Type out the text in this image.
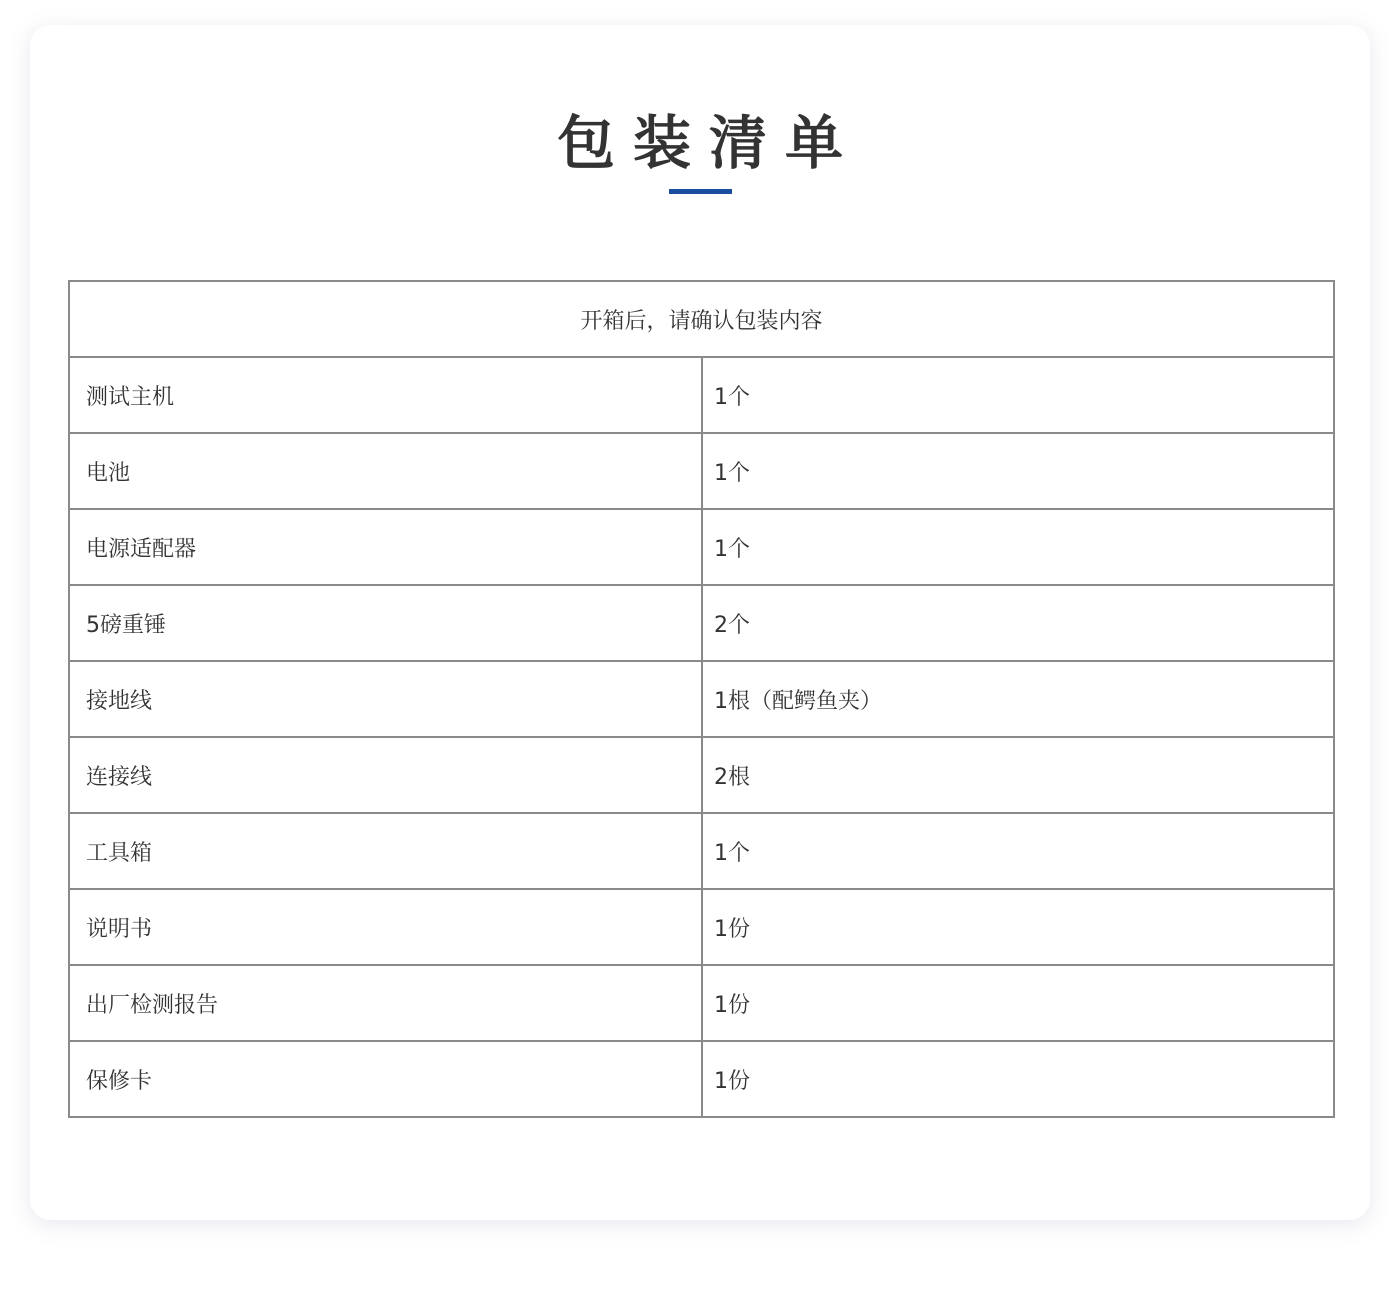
包装清单
开箱后，请确认包装内容	
测试主机	1个
电池	1个
电源适配器	1个
5磅重锤	2个
接地线	1根（配鳄鱼夹）
连接线	2根
工具箱	1个
说明书	1份
出厂检测报告	1份
保修卡	1份
